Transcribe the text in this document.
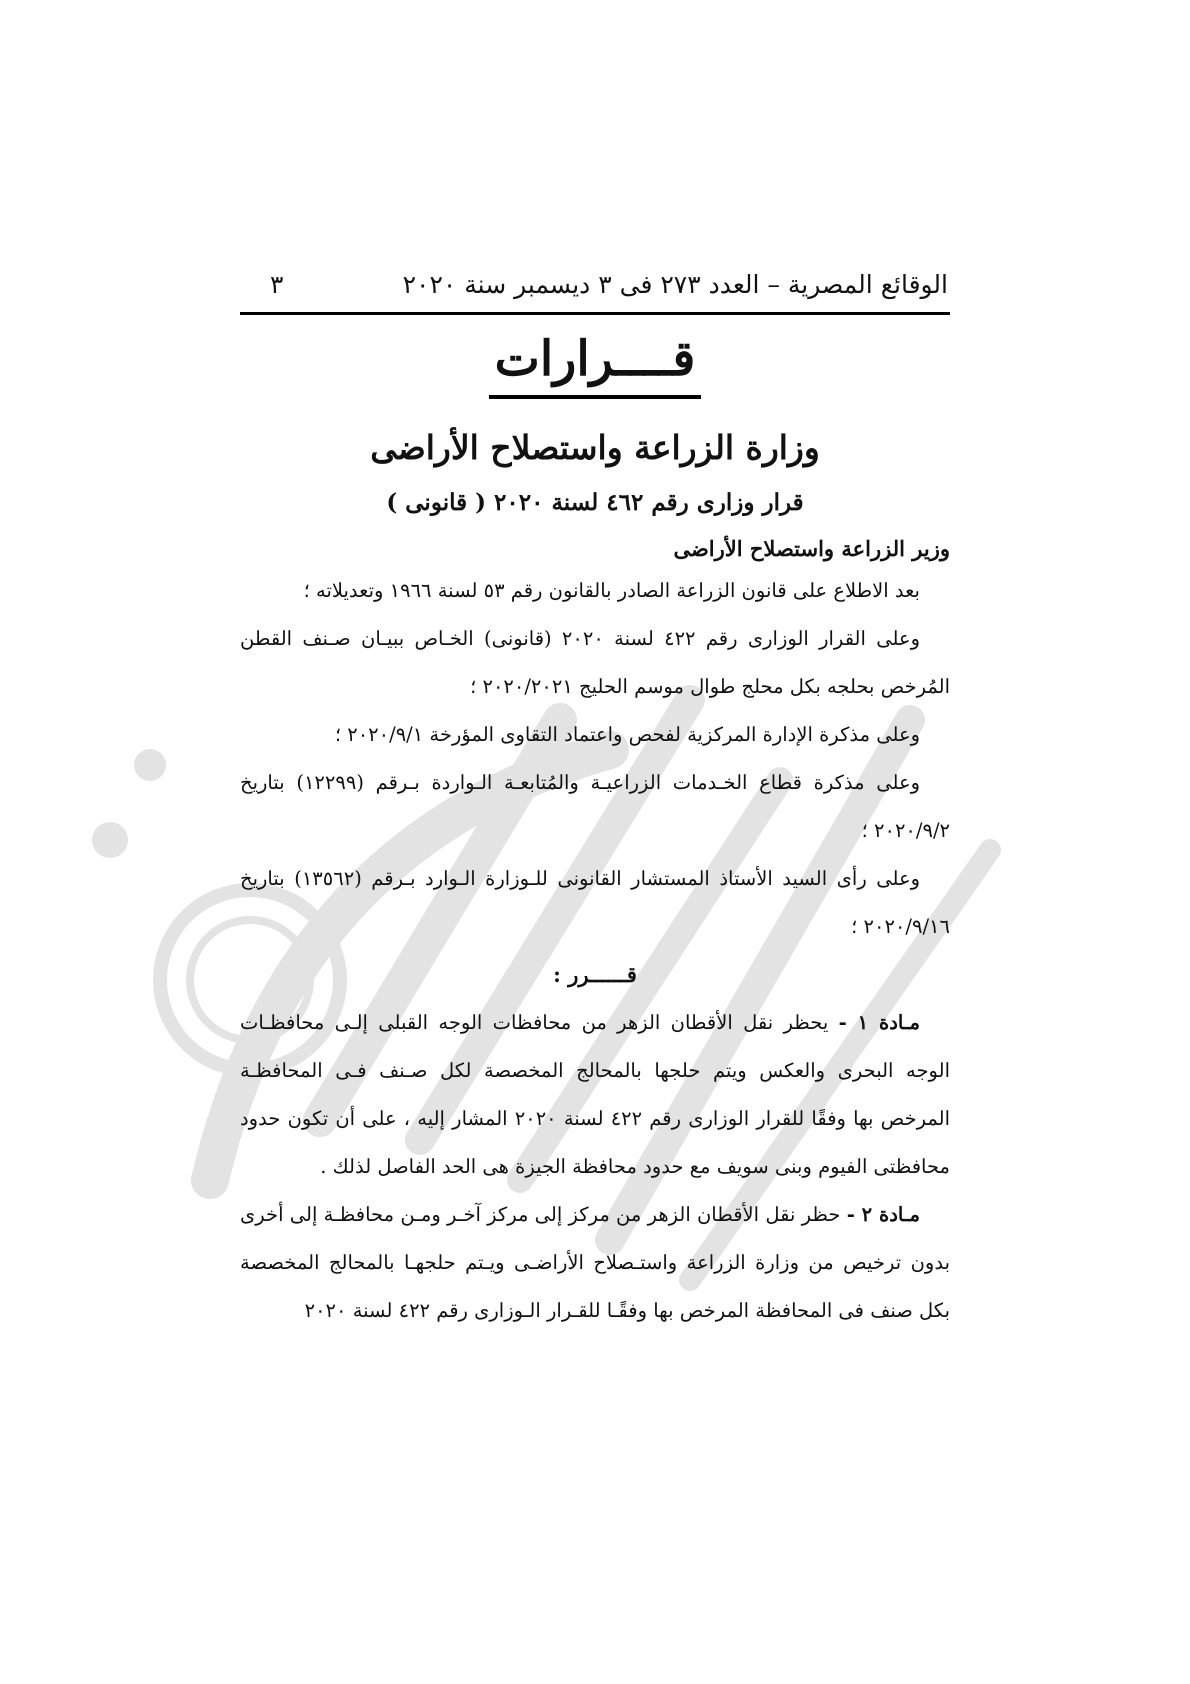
الوقائع المصرية – العدد ٢٧٣ فى ٣ ديسمبر سنة ٢٠٢٠
٣
قــــرارات
وزارة الزراعة واستصلاح الأراضى
قرار وزارى رقم ٤٦٢ لسنة ٢٠٢٠ ( قانونى )
وزير الزراعة واستصلاح الأراضى

بعد الاطلاع على قانون الزراعة الصادر بالقانون رقم ٥٣ لسنة ١٩٦٦ وتعديلاته ؛

وعلى القرار الوزارى رقم ٤٢٢ لسنة ٢٠٢٠ (قانونى) الخـاص ببيـان صـنف القطن المُرخص بحلجه بكل محلج طوال موسم الحليج ٢٠٢٠/٢٠٢١ ؛

وعلى مذكرة الإدارة المركزية لفحص واعتماد التقاوى المؤرخة ٢٠٢٠/٩/١ ؛

وعلى مذكرة قطاع الخـدمات الزراعيـة والمُتابعـة الـواردة بـرقم (١٢٢٩٩) بتاريخ ٢٠٢٠/٩/٢ ؛

وعلى رأى السيد الأستاذ المستشار القانونى للـوزارة الـوارد بـرقم (١٣٥٦٢) بتاريخ ٢٠٢٠/٩/١٦ ؛

قــــــرر :

مـادة ١ - يحظر نقل الأقطان الزهر من محافظات الوجه القبلى إلـى محافظـات الوجه البحرى والعكس ويتم حلجها بالمحالج المخصصة لكل صـنف فـى المحافظـة المرخص بها وفقًا للقرار الوزارى رقم ٤٢٢ لسنة ٢٠٢٠ المشار إليه ، على أن تكون حدود محافظتى الفيوم وبنى سويف مع حدود محافظة الجيزة هى الحد الفاصل لذلك .

مـادة ٢ - حظر نقل الأقطان الزهر من مركز إلى مركز آخـر ومـن محافظـة إلى أخرى بدون ترخيص من وزارة الزراعة واستـصلاح الأراضـى ويـتم حلجهـا بالمحالج المخصصة بكل صنف فى المحافظة المرخص بها وفقًـا للقـرار الـوزارى رقم ٤٢٢ لسنة ٢٠٢٠
